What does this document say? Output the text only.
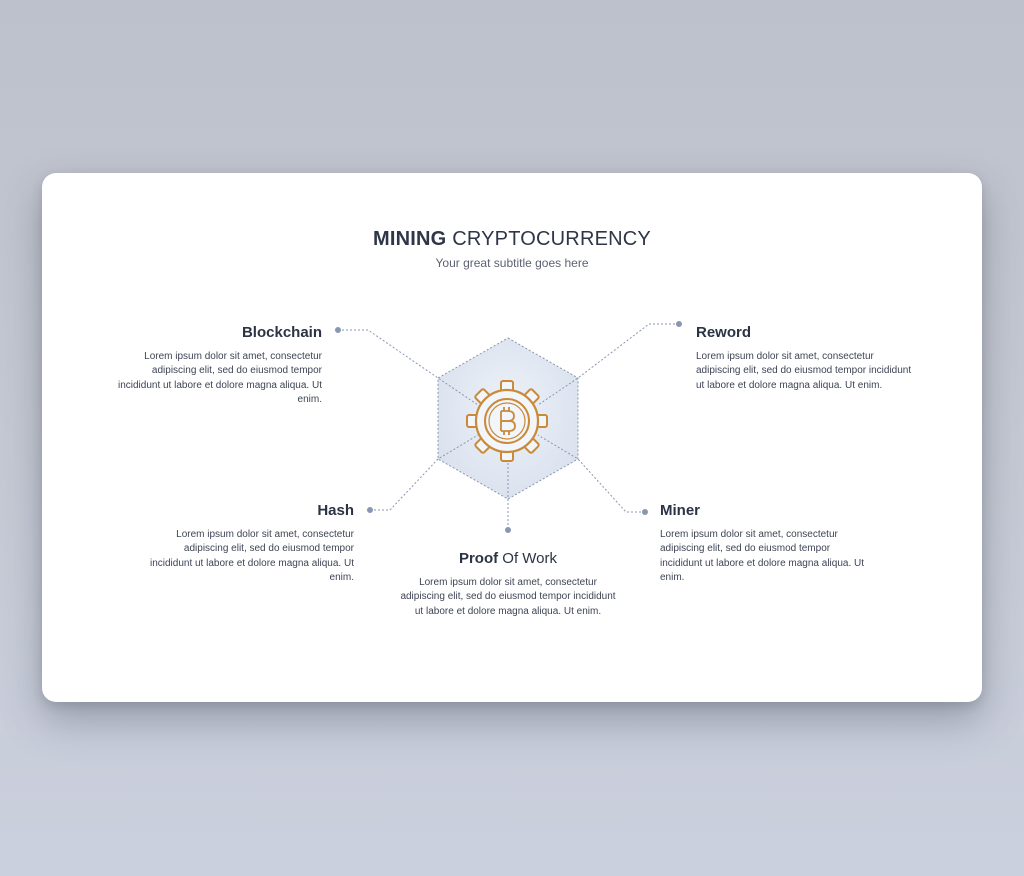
MINING CRYPTOCURRENCY
Your great subtitle goes here
Blockchain
Lorem ipsum dolor sit amet, consectetur adipiscing elit, sed do eiusmod tempor incididunt ut labore et dolore magna aliqua. Ut enim.
Reword
Lorem ipsum dolor sit amet, consectetur adipiscing elit, sed do eiusmod tempor incididunt ut labore et dolore magna aliqua. Ut enim.
Hash
Lorem ipsum dolor sit amet, consectetur adipiscing elit, sed do eiusmod tempor incididunt ut labore et dolore magna aliqua. Ut enim.
Miner
Lorem ipsum dolor sit amet, consectetur adipiscing elit, sed do eiusmod tempor incididunt ut labore et dolore magna aliqua. Ut enim.
Proof Of Work
Lorem ipsum dolor sit amet, consectetur adipiscing elit, sed do eiusmod tempor incididunt ut labore et dolore magna aliqua. Ut enim.
